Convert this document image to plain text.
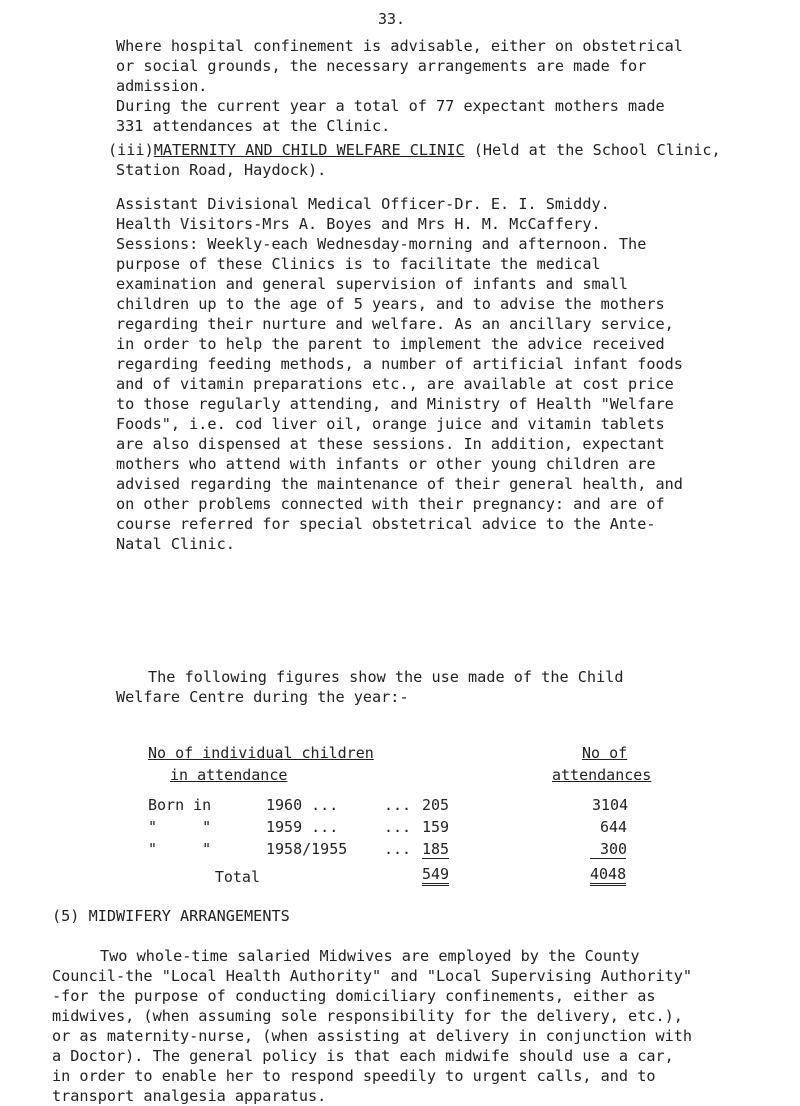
33.

Where hospital confinement is advisable, either on obstetrical
or social grounds, the necessary arrangements are made for
admission.
During the current year a total of 77 expectant mothers made
331 attendances at the Clinic.

(iii)MATERNITY AND CHILD WELFARE CLINIC (Held at the School Clinic,
Station Road, Haydock).

Assistant Divisional Medical Officer-Dr. E. I. Smiddy.
Health Visitors-Mrs A. Boyes and Mrs H. M. McCaffery.
Sessions: Weekly-each Wednesday-morning and afternoon. The
purpose of these Clinics is to facilitate the medical
examination and general supervision of infants and small
children up to the age of 5 years, and to advise the mothers
regarding their nurture and welfare. As an ancillary service,
in order to help the parent to implement the advice received
regarding feeding methods, a number of artificial infant foods
and of vitamin preparations etc., are available at cost price
to those regularly attending, and Ministry of Health "Welfare
Foods", i.e. cod liver oil, orange juice and vitamin tablets
are also dispensed at these sessions. In addition, expectant
mothers who attend with infants or other young children are
advised regarding the maintenance of their general health, and
on other problems connected with their pregnancy: and are of
course referred for special obstetrical advice to the Ante-
Natal Clinic.

The following figures show the use made of the Child
Welfare Centre during the year:-

No of individual children				No of
in attendance				attendances
Born in	1960 ...	...	205	3104
"     "	1959 ...	...	159	644
"     "	1958/1955	...	185	300
Total			549	4048

(5) MIDWIFERY ARRANGEMENTS

Two whole-time salaried Midwives are employed by the County
Council-the "Local Health Authority" and "Local Supervising Authority"
-for the purpose of conducting domiciliary confinements, either as
midwives, (when assuming sole responsibility for the delivery, etc.),
or as maternity-nurse, (when assisting at delivery in conjunction with
a Doctor). The general policy is that each midwife should use a car,
in order to enable her to respond speedily to urgent calls, and to
transport analgesia apparatus.
